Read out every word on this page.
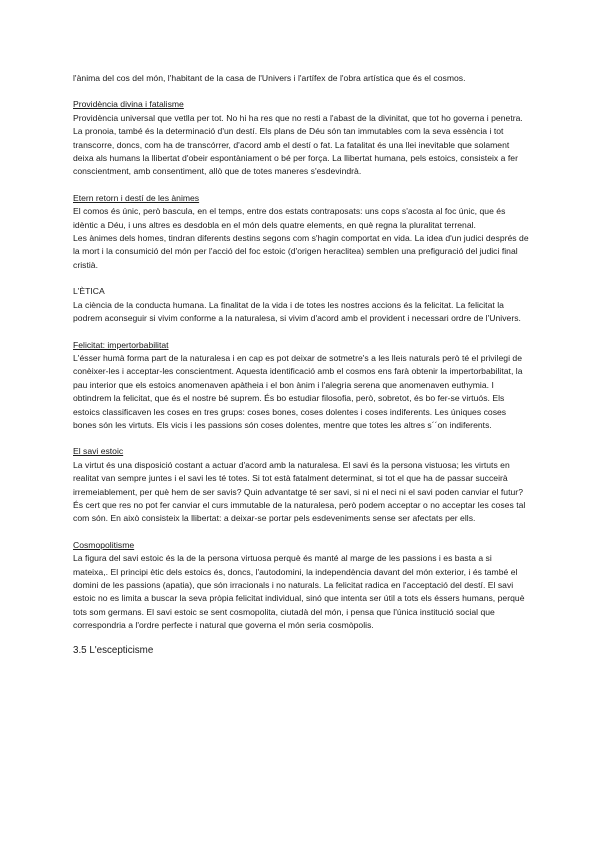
l'ànima del cos del món, l'habitant de la casa de l'Univers i l'artífex de l'obra artística que és el cosmos.

Providència divina i fatalisme

Providència universal que vetlla per tot. No hi ha res que no resti a l'abast de la divinitat, que tot ho governa i penetra. La pronoia, també és la determinació d'un destí. Els plans de Déu són tan immutables com la seva essència i tot transcorre, doncs, com ha de transcórrer, d'acord amb el destí o fat. La fatalitat és una llei inevitable que solament deixa als humans la llibertat d'obeir espontàniament o bé per força. La llibertat humana, pels estoics, consisteix a fer conscientment, amb consentiment, allò que de totes maneres s'esdevindrà.

Etern retorn i destí de les ànimes

El comos és únic, però bascula, en el temps, entre dos estats contraposats: uns cops s'acosta al foc únic, que és idèntic a Déu, i uns altres es desdobla en el món dels quatre elements, en què regna la pluralitat terrenal.

Les ànimes dels homes, tindran diferents destins segons com s'hagin comportat en vida. La idea d'un judici després de la mort i la consumició del món per l'acció del foc estoic (d'origen heraclitea) semblen una prefiguració del judici final cristià.

L'ÈTICA

La ciència de la conducta humana. La finalitat de la vida i de totes les nostres accions és la felicitat. La felicitat la podrem aconseguir si vivim conforme a la naturalesa, si vivim d'acord amb el provident i necessari ordre de l'Univers.

Felicitat: impertorbabilitat

L'ésser humà forma part de la naturalesa i en cap es pot deixar de sotmetre's a les lleis naturals però té el privilegi de conèixer-les i acceptar-les conscientment. Aquesta identificació amb el cosmos ens farà obtenir la impertorbabilitat, la pau interior que els estoics anomenaven apàtheia i el bon ànim i l'alegria serena que anomenaven euthymia. I obtindrem la felicitat, que és el nostre bé suprem. És bo estudiar filosofia, però, sobretot, és bo fer-se virtuós. Els estoics classificaven les coses en tres grups: coses bones, coses dolentes i coses indiferents. Les úniques coses bones són les virtuts. Els vicis i les passions són coses dolentes, mentre que totes les altres s´´on indiferents.

El savi estoic

La virtut és una disposició costant a actuar d'acord amb la naturalesa. El savi és la persona vistuosa; les virtuts en realitat van sempre juntes i el savi les té totes. Si tot està fatalment determinat, si tot el que ha de passar succeirà irremeiablement, per què hem de ser savis? Quin advantatge té ser savi, si ni el neci ni el savi poden canviar el futur? És cert que res no pot fer canviar el curs immutable de la naturalesa, però podem acceptar o no acceptar les coses tal com són. En això consisteix la llibertat: a deixar-se portar pels esdeveniments sense ser afectats per ells.

Cosmopolitisme

La figura del savi estoic és la de la persona virtuosa perquè és manté al marge de les passions i es basta a si mateixa,. El principi ètic dels estoics és, doncs, l'autodomini, la independència davant del món exterior, i és també el domini de les passions (apatia), que són irracionals i no naturals. La felicitat radica en l'acceptació del destí. El savi estoic no es limita a buscar la seva pròpia felicitat individual, sinó que intenta ser útil a tots els éssers humans, perquè tots som germans. El savi estoic se sent cosmopolita, ciutadà del món, i pensa que l'única institució social que correspondria a l'ordre perfecte i natural que governa el món seria cosmòpolis.

3.5 L'escepticisme
